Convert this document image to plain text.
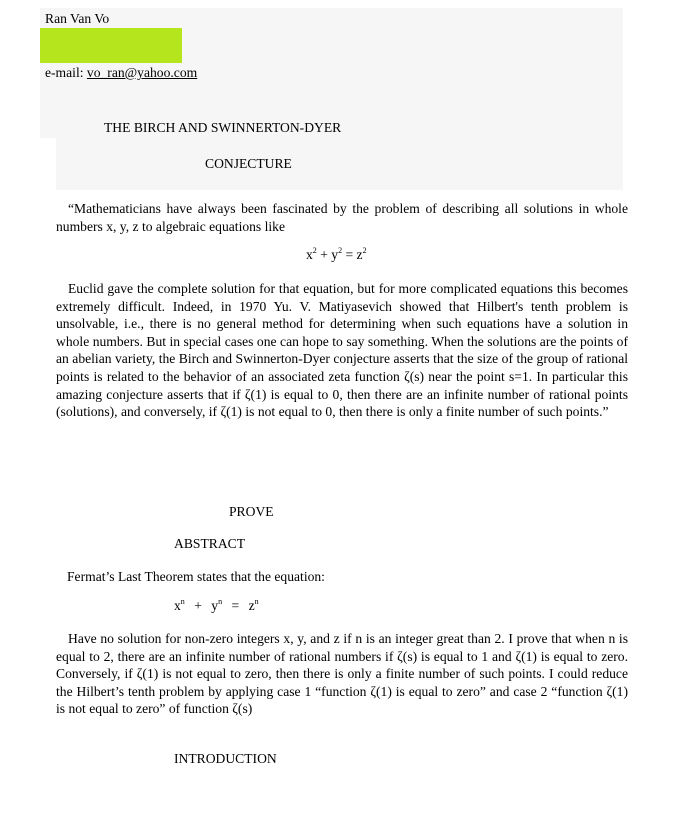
Ran Van Vo
e-mail: vo_ran@yahoo.com
THE BIRCH AND SWINNERTON-DYER
CONJECTURE

“Mathematicians have always been fascinated by the problem of describing all solutions in whole numbers x, y, z to algebraic equations like

$x^2 + y^2 = z^2$

Euclid gave the complete solution for that equation, but for more complicated equations this becomes extremely difficult. Indeed, in 1970 Yu. V. Matiyasevich showed that Hilbert's tenth problem is unsolvable, i.e., there is no general method for determining when such equations have a solution in whole numbers. But in special cases one can hope to say something. When the solutions are the points of an abelian variety, the Birch and Swinnerton-Dyer conjecture asserts that the size of the group of rational points is related to the behavior of an associated zeta function ζ(s) near the point s=1. In particular this amazing conjecture asserts that if ζ(1) is equal to 0, then there are an infinite number of rational points (solutions), and conversely, if ζ(1) is not equal to 0, then there is only a finite number of such points.”

PROVE
ABSTRACT
Fermat’s Last Theorem states that the equation:
$x^n + y^n = z^n$

Have no solution for non-zero integers x, y, and z if n is an integer great than 2. I prove that when n is equal to 2, there are an infinite number of rational numbers if ζ(s) is equal to 1 and ζ(1) is equal to zero. Conversely, if ζ(1) is not equal to zero, then there is only a finite number of such points. I could reduce the Hilbert’s tenth problem by applying case 1 “function ζ(1) is equal to zero” and case 2 “function ζ(1) is not equal to zero” of function ζ(s)

INTRODUCTION
